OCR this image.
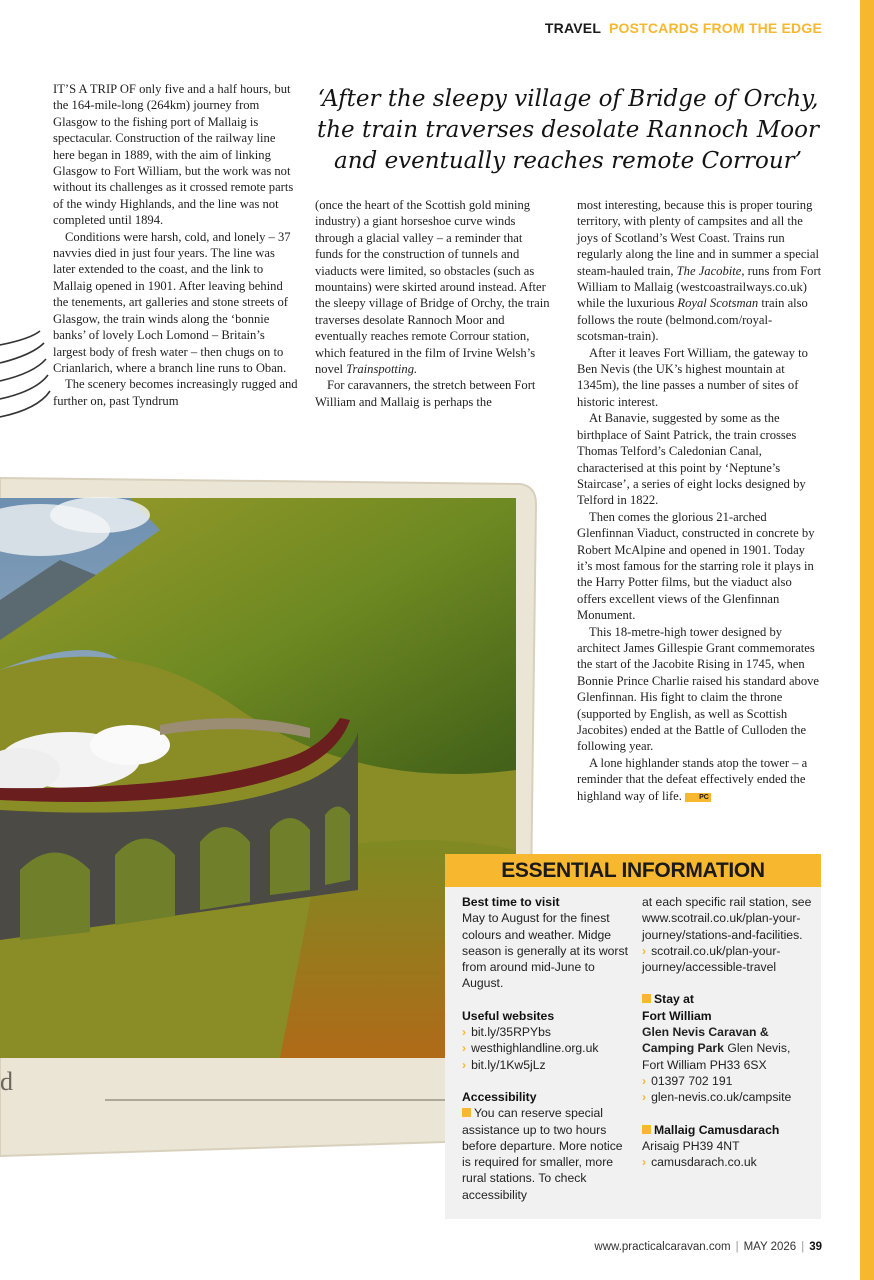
TRAVEL POSTCARDS FROM THE EDGE

IT’S A TRIP OF only five and a half hours, but the 164-mile-long (264km) journey from Glasgow to the fishing port of Mallaig is spectacular. Construction of the railway line here began in 1889, with the aim of linking Glasgow to Fort William, but the work was not without its challenges as it crossed remote parts of the windy Highlands, and the line was not completed until 1894.

Conditions were harsh, cold, and lonely – 37 navvies died in just four years. The line was later extended to the coast, and the link to Mallaig opened in 1901. After leaving behind the tenements, art galleries and stone streets of Glasgow, the train winds along the ‘bonnie banks’ of lovely Loch Lomond – Britain’s largest body of fresh water – then chugs on to Crianlarich, where a branch line runs to Oban.

The scenery becomes increasingly rugged and further on, past Tyndrum

‘After the sleepy village of Bridge of Orchy, the train traverses desolate Rannoch Moor and eventually reaches remote Corrour’

(once the heart of the Scottish gold mining industry) a giant horseshoe curve winds through a glacial valley – a reminder that funds for the construction of tunnels and viaducts were limited, so obstacles (such as mountains) were skirted around instead. After the sleepy village of Bridge of Orchy, the train traverses desolate Rannoch Moor and eventually reaches remote Corrour station, which featured in the film of Irvine Welsh’s novel Trainspotting.

For caravanners, the stretch between Fort William and Mallaig is perhaps the

most interesting, because this is proper touring territory, with plenty of campsites and all the joys of Scotland’s West Coast. Trains run regularly along the line and in summer a special steam-hauled train, The Jacobite, runs from Fort William to Mallaig (westcoastrailways.co.uk) while the luxurious Royal Scotsman train also follows the route (belmond.com/royal-scotsman-train).

After it leaves Fort William, the gateway to Ben Nevis (the UK’s highest mountain at 1345m), the line passes a number of sites of historic interest.

At Banavie, suggested by some as the birthplace of Saint Patrick, the train crosses Thomas Telford’s Caledonian Canal, characterised at this point by ‘Neptune’s Staircase’, a series of eight locks designed by Telford in 1822.

Then comes the glorious 21-arched Glenfinnan Viaduct, constructed in concrete by Robert McAlpine and opened in 1901. Today it’s most famous for the starring role it plays in the Harry Potter films, but the viaduct also offers excellent views of the Glenfinnan Monument.

This 18-metre-high tower designed by architect James Gillespie Grant commemorates the start of the Jacobite Rising in 1745, when Bonnie Prince Charlie raised his standard above Glenfinnan. His fight to claim the throne (supported by English, as well as Scottish Jacobites) ended at the Battle of Culloden the following year.

A lone highlander stands atop the tower – a reminder that the defeat effectively ended the highland way of life. PC

d
ESSENTIAL INFORMATION
Best time to visit
May to August for the finest colours and weather. Midge season is generally at its worst from around mid-June to August.
Useful websites
› bit.ly/35RPYbs
› westhighlandline.org.uk
› bit.ly/1Kw5jLz
Accessibility
You can reserve special assistance up to two hours before departure. More notice is required for smaller, more rural stations. To check accessibility
at each specific rail station, see www.scotrail.co.uk/plan-your-journey/stations-and-facilities.
› scotrail.co.uk/plan-your-journey/accessible-travel
Stay at
Fort William
Glen Nevis Caravan & Camping Park Glen Nevis, Fort William PH33 6SX
› 01397 702 191
› glen-nevis.co.uk/campsite
Mallaig Camusdarach
Arisaig PH39 4NT
› camusdarach.co.uk
www.practicalcaravan.com | MAY 2026 | 39
